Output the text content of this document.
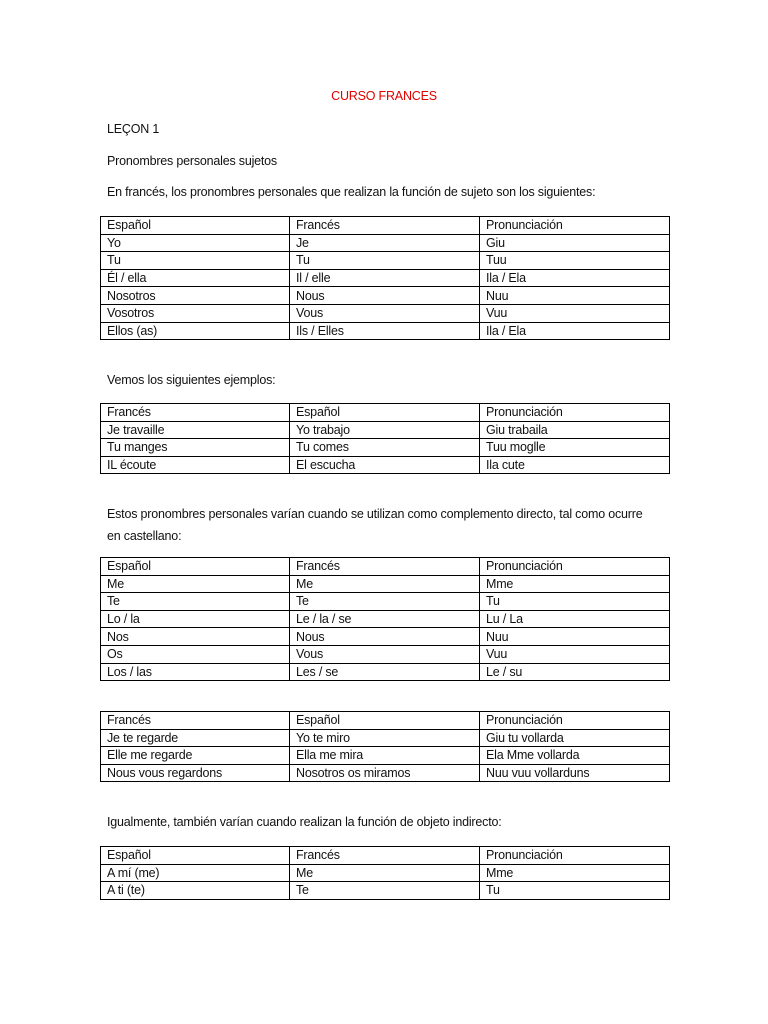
CURSO FRANCES
LEÇON 1
Pronombres personales sujetos
En francés, los pronombres personales que realizan la función de sujeto son los siguientes:
Español	Francés	Pronunciación
Yo	Je	Giu
Tu	Tu	Tuu
Él / ella	Il / elle	Ila / Ela
Nosotros	Nous	Nuu
Vosotros	Vous	Vuu
Ellos (as)	Ils / Elles	Ila / Ela
Vemos los siguientes ejemplos:
Francés	Español	Pronunciación
Je travaille	Yo trabajo	Giu trabaila
Tu manges	Tu comes	Tuu moglle
IL écoute	El escucha	Ila cute
Estos pronombres personales varían cuando se utilizan como complemento directo, tal como ocurre en castellano:
Español	Francés	Pronunciación
Me	Me	Mme
Te	Te	Tu
Lo / la	Le / la / se	Lu / La
Nos	Nous	Nuu
Os	Vous	Vuu
Los / las	Les / se	Le / su
Francés	Español	Pronunciación
Je te regarde	Yo te miro	Giu tu vollarda
Elle me regarde	Ella me mira	Ela Mme vollarda
Nous vous regardons	Nosotros os miramos	Nuu vuu vollarduns
Igualmente, también varían cuando realizan la función de objeto indirecto:
Español	Francés	Pronunciación
A mí (me)	Me	Mme
A ti (te)	Te	Tu
